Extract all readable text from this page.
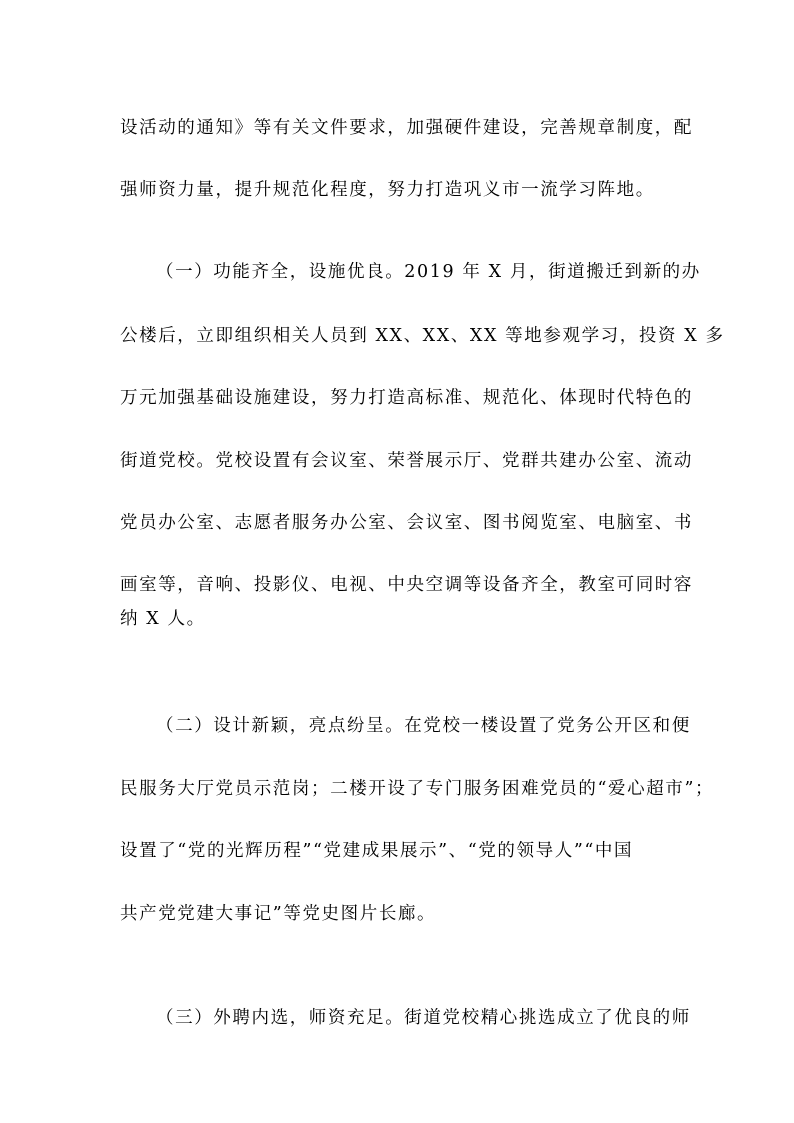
设活动的通知》等有关文件要求，加强硬件建设，完善规章制度，配
强师资力量，提升规范化程度，努力打造巩义市一流学习阵地。
（一）功能齐全，设施优良。2019 年 X 月，街道搬迁到新的办
公楼后，立即组织相关人员到 XX、XX、XX 等地参观学习，投资 X 多
万元加强基础设施建设，努力打造高标准、规范化、体现时代特色的
街道党校。党校设置有会议室、荣誉展示厅、党群共建办公室、流动
党员办公室、志愿者服务办公室、会议室、图书阅览室、电脑室、书
画室等，音响、投影仪、电视、中央空调等设备齐全，教室可同时容
纳 X 人。
（二）设计新颖，亮点纷呈。在党校一楼设置了党务公开区和便
民服务大厅党员示范岗；二楼开设了专门服务困难党员的“爱心超市”；
设置了“党的光辉历程”“党建成果展示”、“党的领导人”“中国
共产党党建大事记”等党史图片长廊。
（三）外聘内选，师资充足。街道党校精心挑选成立了优良的师
